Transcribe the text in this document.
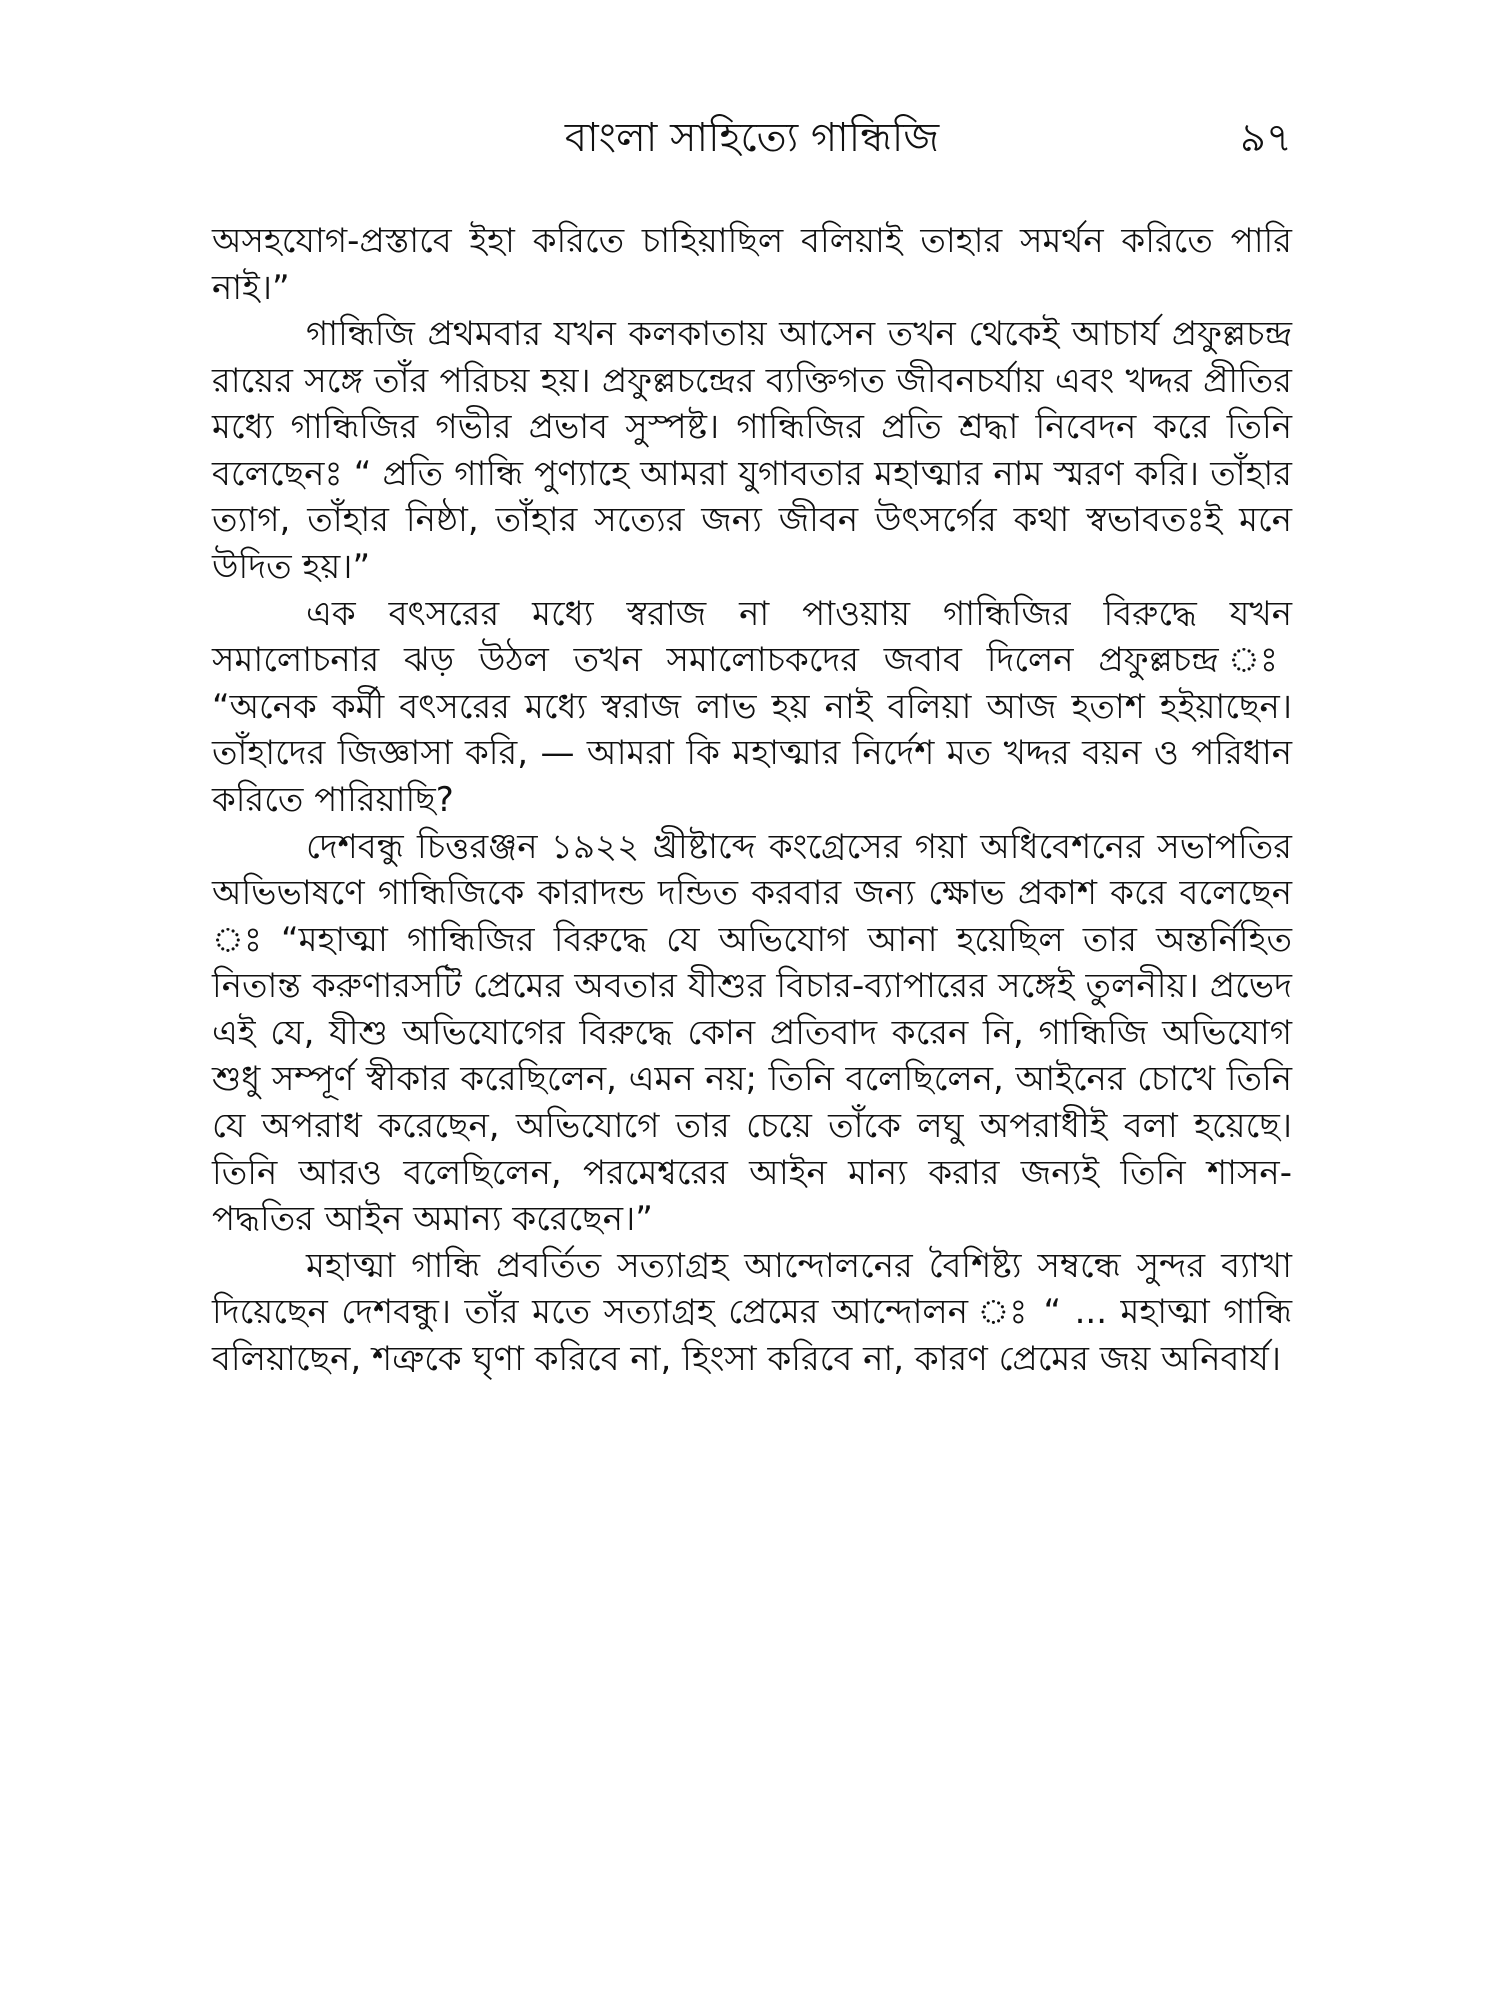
বাংলা সাহিত্যে গান্ধিজি	৯৭

অসহযোগ-প্রস্তাবে ইহা করিতে চাহিয়াছিল বলিয়াই তাহার সমর্থন করিতে পারি নাই।”

গান্ধিজি প্রথমবার যখন কলকাতায় আসেন তখন থেকেই আচার্য প্রফুল্লচন্দ্র রায়ের সঙ্গে তাঁর পরিচয় হয়। প্রফুল্লচন্দ্রের ব্যক্তিগত জীবনচর্যায় এবং খদ্দর প্রীতির মধ্যে গান্ধিজির গভীর প্রভাব সুস্পষ্ট। গান্ধিজির প্রতি শ্রদ্ধা নিবেদন করে তিনি বলেছেনঃ “ প্রতি গান্ধি পুণ্যাহে আমরা যুগাবতার মহাত্মার নাম স্মরণ করি। তাঁহার ত্যাগ, তাঁহার নিষ্ঠা, তাঁহার সত্যের জন্য জীবন উৎসর্গের কথা স্বভাবতঃই মনে উদিত হয়।”

এক বৎসরের মধ্যে স্বরাজ না পাওয়ায় গান্ধিজির বিরুদ্ধে যখন সমালোচনার ঝড় উঠল তখন সমালোচকদের জবাব দিলেন প্রফুল্লচন্দ্র ঃ “অনেক কর্মী বৎসরের মধ্যে স্বরাজ লাভ হয় নাই বলিয়া আজ হতাশ হইয়াছেন। তাঁহাদের জিজ্ঞাসা করি, — আমরা কি মহাত্মার নির্দেশ মত খদ্দর বয়ন ও পরিধান করিতে পারিয়াছি?

দেশবন্ধু চিত্তরঞ্জন ১৯২২ খ্রীষ্টাব্দে কংগ্রেসের গয়া অধিবেশনের সভাপতির অভিভাষণে গান্ধিজিকে কারাদন্ড দন্ডিত করবার জন্য ক্ষোভ প্রকাশ করে বলেছেন ঃ “মহাত্মা গান্ধিজির বিরুদ্ধে যে অভিযোগ আনা হয়েছিল তার অন্তর্নিহিত নিতান্ত করুণারসটি প্রেমের অবতার যীশুর বিচার-ব্যাপারের সঙ্গেই তুলনীয়। প্রভেদ এই যে, যীশু অভিযোগের বিরুদ্ধে কোন প্রতিবাদ করেন নি, গান্ধিজি অভিযোগ শুধু সম্পূর্ণ স্বীকার করেছিলেন, এমন নয়; তিনি বলেছিলেন, আইনের চোখে তিনি যে অপরাধ করেছেন, অভিযোগে তার চেয়ে তাঁকে লঘু অপরাধীই বলা হয়েছে। তিনি আরও বলেছিলেন, পরমেশ্বরের আইন মান্য করার জন্যই তিনি শাসন-পদ্ধতির আইন অমান্য করেছেন।”

মহাত্মা গান্ধি প্রবর্তিত সত্যাগ্রহ আন্দোলনের বৈশিষ্ট্য সম্বন্ধে সুন্দর ব্যাখা দিয়েছেন দেশবন্ধু। তাঁর মতে সত্যাগ্রহ প্রেমের আন্দোলন ঃ “ ... মহাত্মা গান্ধি বলিয়াছেন, শত্রুকে ঘৃণা করিবে না, হিংসা করিবে না, কারণ প্রেমের জয় অনিবার্য।
